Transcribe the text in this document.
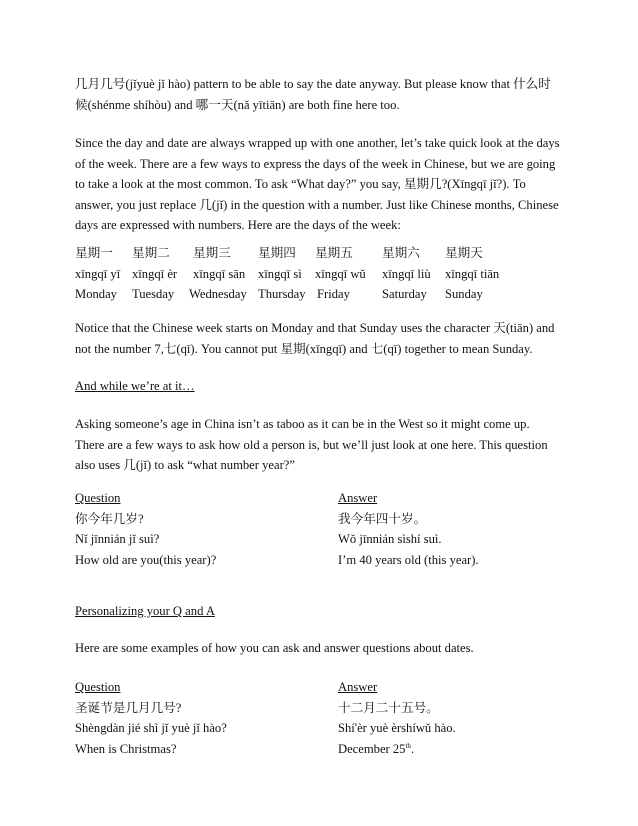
几月几号(jǐyuè jǐ hào) pattern to be able to say the date anyway. But please know that 什么时
候(shénme shíhòu) and 哪一天(nǎ yītiān) are both fine here too.
Since the day and date are always wrapped up with one another, let’s take quick look at the days
of the week. There are a few ways to express the days of the week in Chinese, but we are going
to take a look at the most common. To ask “What day?” you say, 星期几?(Xīngqī jǐ?). To
answer, you just replace 几(jǐ) in the question with a number. Just like Chinese months, Chinese
days are expressed with numbers. Here are the days of the week:
星期一 星期二 星期三 星期四 星期五 星期六 星期天
xīngqī yī xīngqī èr xīngqī sān xīngqī sì xīngqī wǔ xīngqī liù xīngqī tiān
Monday Tuesday Wednesday Thursday Friday	Saturday Sunday
Notice that the Chinese week starts on Monday and that Sunday uses the character 天(tiān) and
not the number 7,七(qī). You cannot put 星期(xīngqī) and 七(qī) together to mean Sunday.
And while we’re at it…
Asking someone’s age in China isn’t as taboo as it can be in the West so it might come up.
There are a few ways to ask how old a person is, but we’ll just look at one here. This question
also uses 几(jǐ) to ask “what number year?”
Question	Answer
你今年几岁?	我今年四十岁。
Nǐ jīnnián jǐ suì?	Wǒ jīnnián sìshí suì.
How old are you(this year)?	I’m 40 years old (this year).
Personalizing your Q and A
Here are some examples of how you can ask and answer questions about dates.
Question	Answer
圣诞节是几月几号?	十二月二十五号。
Shèngdàn jié shì jǐ yuè jǐ hào?	Shí'èr yuè èrshíwǔ hào.
When is Christmas?	December 25th.
